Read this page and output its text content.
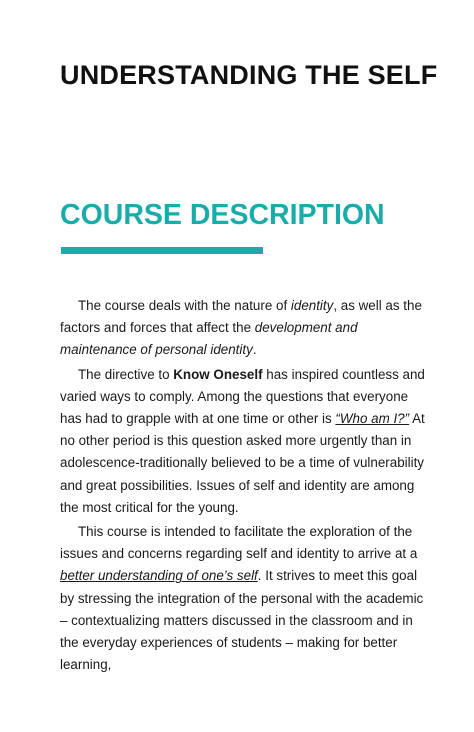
UNDERSTANDING THE SELF
COURSE DESCRIPTION

The course deals with the nature of identity, as well as the factors and forces that affect the development and maintenance of personal identity.

The directive to Know Oneself has inspired countless and varied ways to comply. Among the questions that everyone has had to grapple with at one time or other is “Who am I?” At no other period is this question asked more urgently than in adolescence-traditionally believed to be a time of vulnerability and great possibilities. Issues of self and identity are among the most critical for the young.

This course is intended to facilitate the exploration of the issues and concerns regarding self and identity to arrive at a better understanding of one’s self. It strives to meet this goal by stressing the integration of the personal with the academic – contextualizing matters discussed in the classroom and in the everyday experiences of students – making for better learning,
